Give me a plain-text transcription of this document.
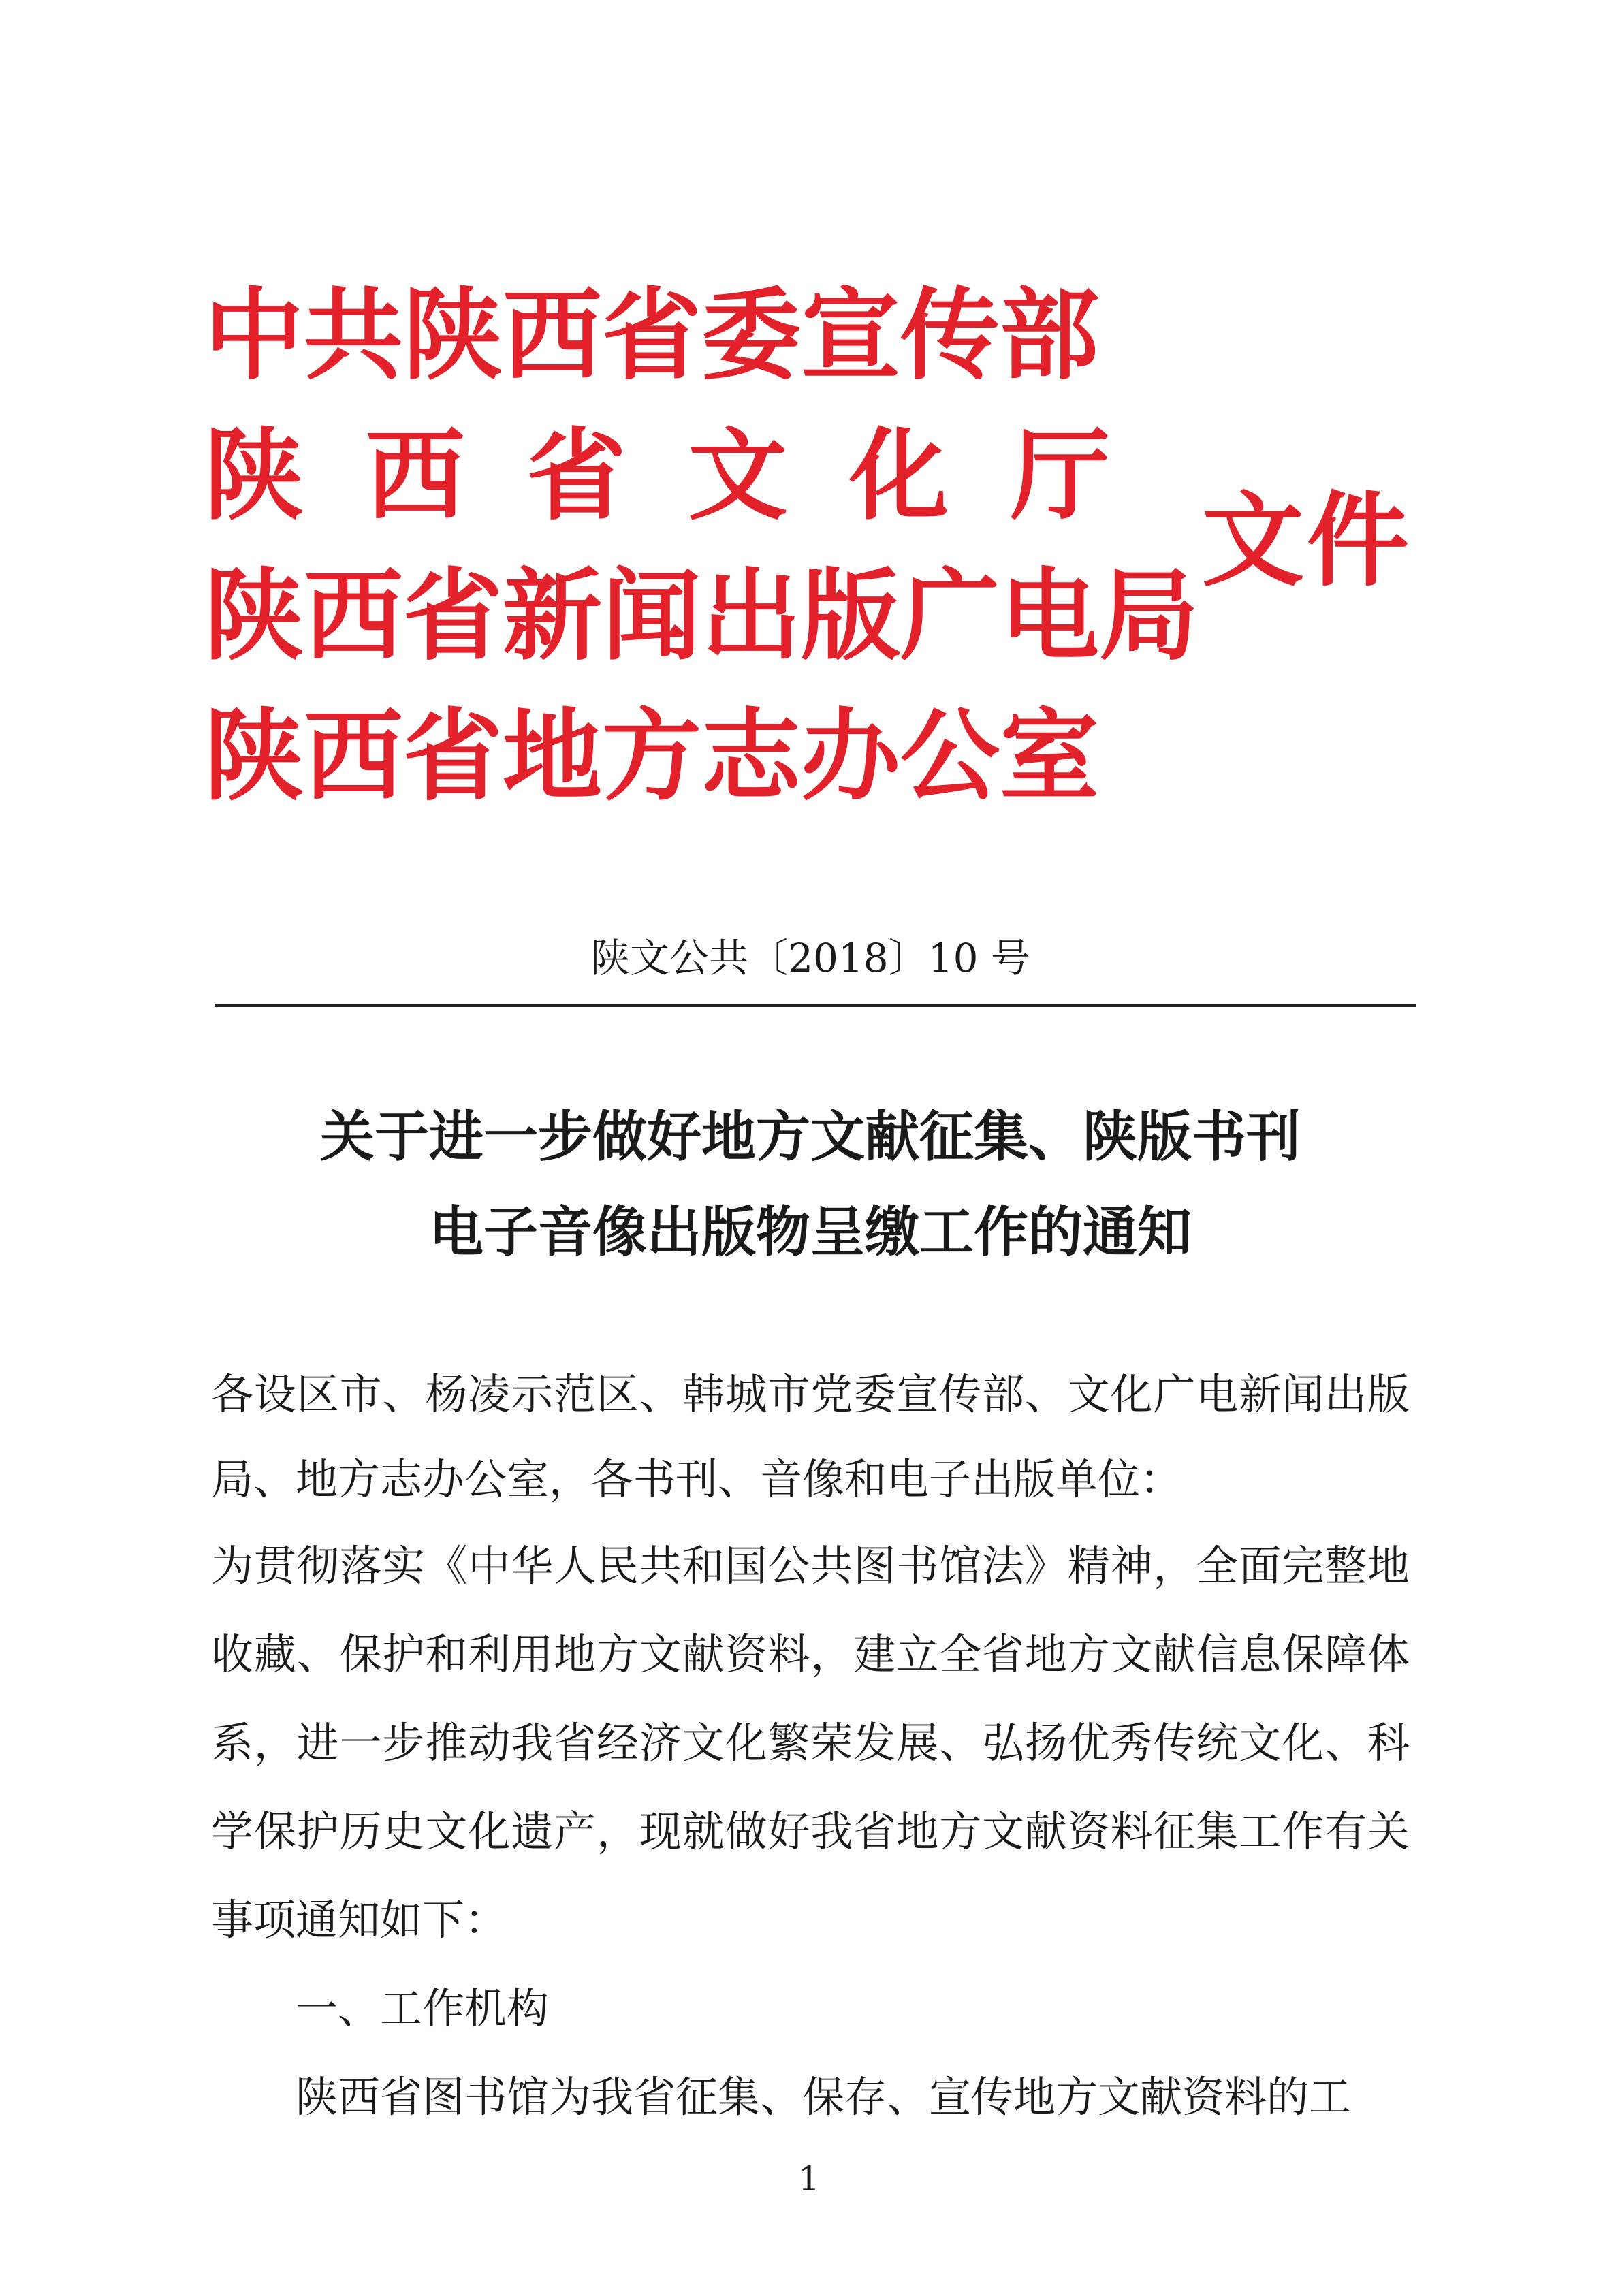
中共陕西省委宣传部
陕 西 省 文 化 厅
陕西省新闻出版广电局
陕西省地方志办公室
文件
陕文公共〔2018〕10 号
关于进一步做好地方文献征集、陕版书刊
电子音像出版物呈缴工作的通知

各设区市、杨凌示范区、韩城市党委宣传部、文化广电新闻出版局、地方志办公室，各书刊、音像和电子出版单位：

为贯彻落实《中华人民共和国公共图书馆法》精神，全面完整地收藏、保护和利用地方文献资料，建立全省地方文献信息保障体系，进一步推动我省经济文化繁荣发展、弘扬优秀传统文化、科学保护历史文化遗产，现就做好我省地方文献资料征集工作有关事项通知如下：

一、工作机构

陕西省图书馆为我省征集、保存、宣传地方文献资料的工

1
